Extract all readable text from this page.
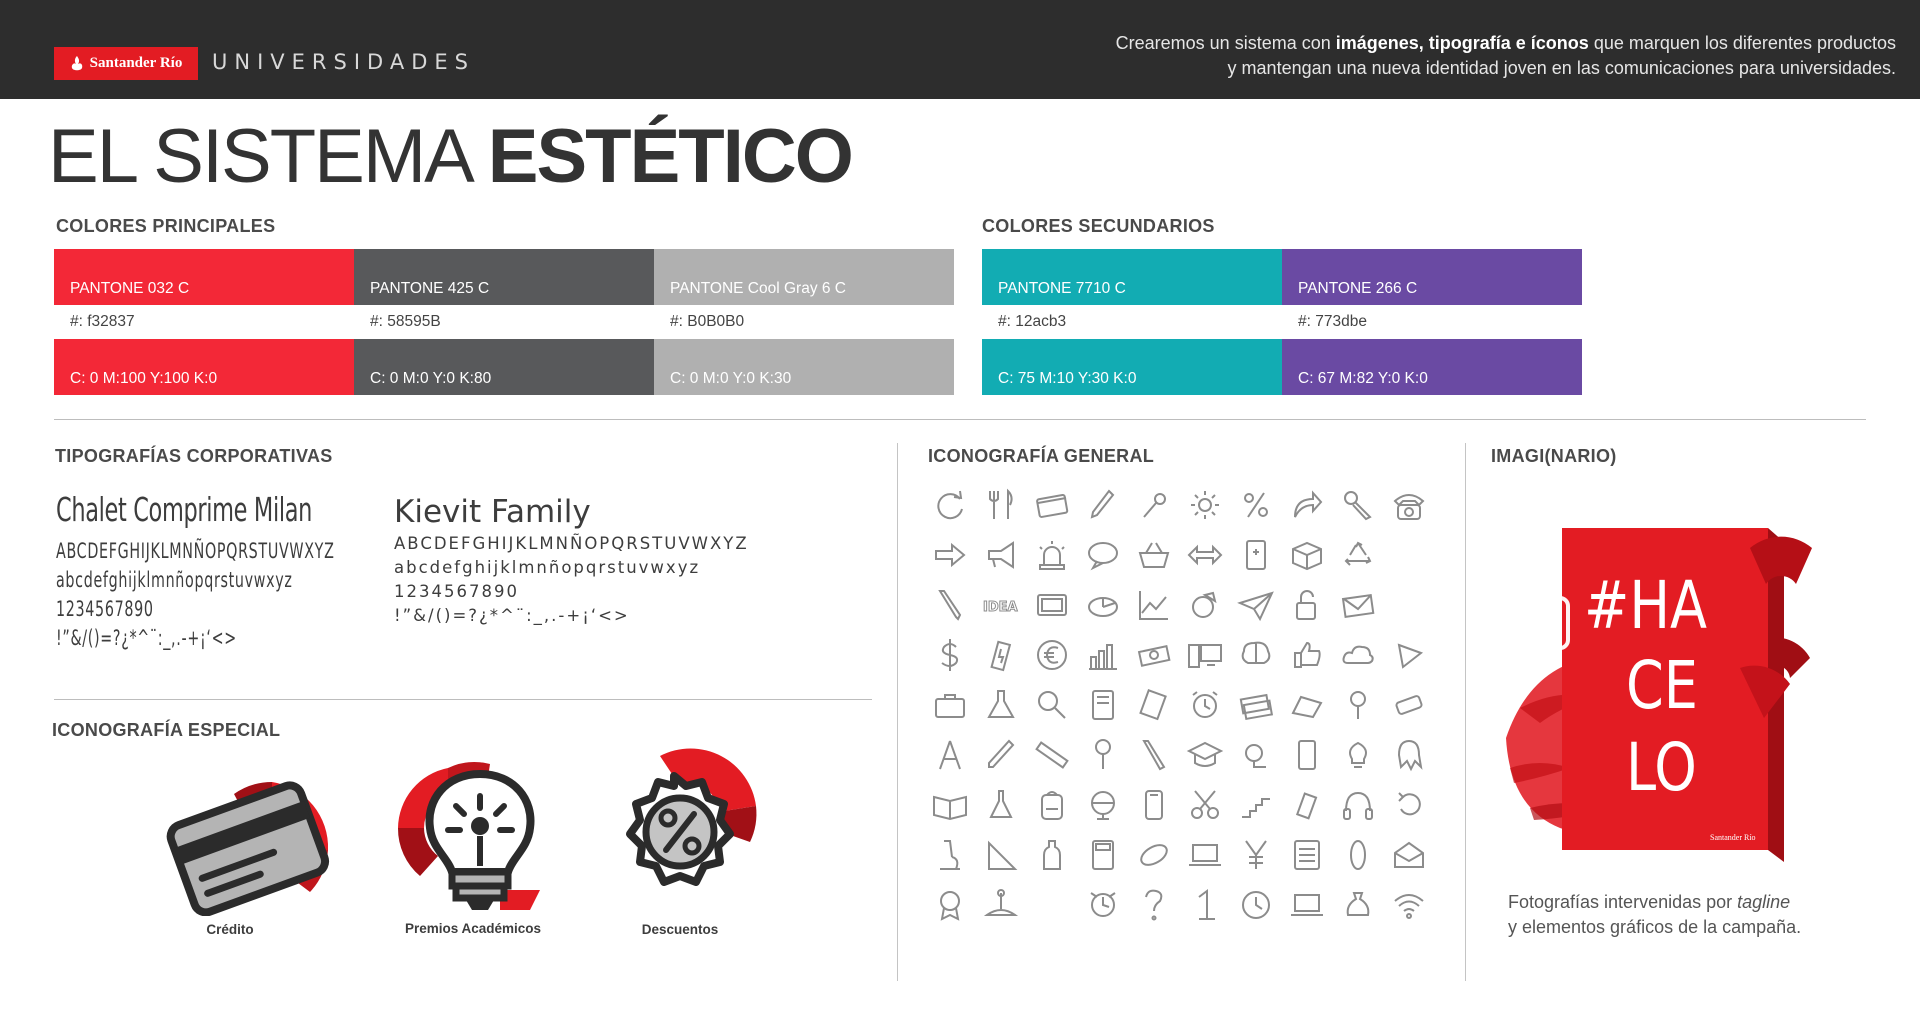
Santander Río UNIVERSIDADES
Crearemos un sistema con imágenes, tipografía e íconos que marquen los diferentes productos
y mantengan una nueva identidad joven en las comunicaciones para universidades.
EL SISTEMA ESTÉTICO
COLORES PRINCIPALES
PANTONE 032 C
#: f32837
C: 0 M:100 Y:100 K:0
PANTONE 425 C
#: 58595B
C: 0 M:0 Y:0 K:80
PANTONE Cool Gray 6 C
#: B0B0B0
C: 0 M:0 Y:0 K:30
COLORES SECUNDARIOS
PANTONE 7710 C
#: 12acb3
C: 75 M:10 Y:30 K:0
PANTONE 266 C
#: 773dbe
C: 67 M:82 Y:0 K:0
TIPOGRAFÍAS CORPORATIVAS
Chalet Comprime Milan
ABCDEFGHIJKLMNÑOPQRSTUVWXYZ
abcdefghijklmnñopqrstuvwxyz
1234567890
!”&/()=?¿*^¨:_,.-+¡‘<>
Kievit Family
ABCDEFGHIJKLMNÑOPQRSTUVWXYZ
abcdefghijklmnñopqrstuvwxyz
1234567890
!”&/()=?¿*^¨:_,.-+¡‘<>
ICONOGRAFÍA ESPECIAL
Crédito	Premios Académicos	Descuentos
ICONOGRAFÍA GENERAL
IDEA
IMAGI(NARIO)
#HA
CE
LO
Santander Río
Fotografías intervenidas por tagline
y elementos gráficos de la campaña.
